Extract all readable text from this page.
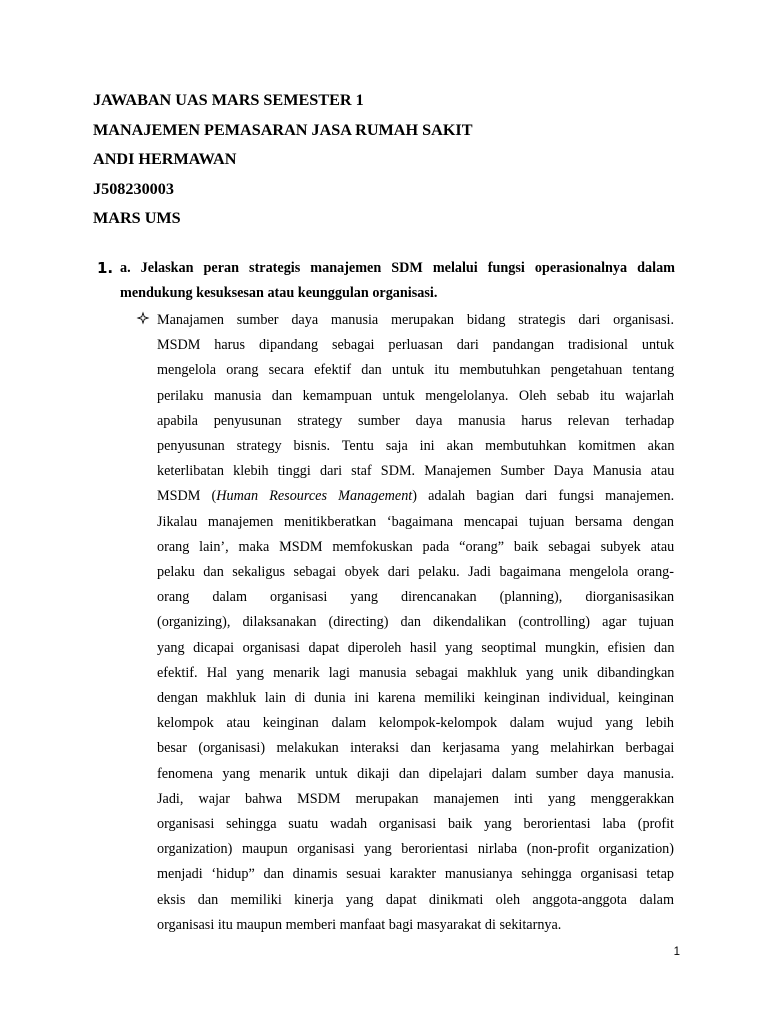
JAWABAN UAS MARS SEMESTER 1
MANAJEMEN PEMASARAN JASA RUMAH SAKIT
ANDI HERMAWAN
J508230003
MARS UMS
1. a. Jelaskan peran strategis manajemen SDM melalui fungsi operasionalnya dalam mendukung kesuksesan atau keunggulan organisasi.
Manajamen sumber daya manusia merupakan bidang strategis dari organisasi.
MSDM harus dipandang sebagai perluasan dari pandangan tradisional untuk
mengelola orang secara efektif dan untuk itu membutuhkan pengetahuan tentang
perilaku manusia dan kemampuan untuk mengelolanya. Oleh sebab itu wajarlah
apabila penyusunan strategy sumber daya manusia harus relevan terhadap
penyusunan strategy bisnis. Tentu saja ini akan membutuhkan komitmen akan
keterlibatan klebih tinggi dari staf SDM. Manajemen Sumber Daya Manusia atau
MSDM (Human Resources Management) adalah bagian dari fungsi manajemen.
Jikalau manajemen menitikberatkan ‘bagaimana mencapai tujuan bersama dengan
orang lain’, maka MSDM memfokuskan pada “orang” baik sebagai subyek atau
pelaku dan sekaligus sebagai obyek dari pelaku. Jadi bagaimana mengelola orang-
orang dalam organisasi yang direncanakan (planning), diorganisasikan
(organizing), dilaksanakan (directing) dan dikendalikan (controlling) agar tujuan
yang dicapai organisasi dapat diperoleh hasil yang seoptimal mungkin, efisien dan
efektif. Hal yang menarik lagi manusia sebagai makhluk yang unik dibandingkan
dengan makhluk lain di dunia ini karena memiliki keinginan individual, keinginan
kelompok atau keinginan dalam kelompok-kelompok dalam wujud yang lebih
besar (organisasi) melakukan interaksi dan kerjasama yang melahirkan berbagai
fenomena yang menarik untuk dikaji dan dipelajari dalam sumber daya manusia.
Jadi, wajar bahwa MSDM merupakan manajemen inti yang menggerakkan
organisasi sehingga suatu wadah organisasi baik yang berorientasi laba (profit
organization) maupun organisasi yang berorientasi nirlaba (non-profit organization)
menjadi ‘hidup” dan dinamis sesuai karakter manusianya sehingga organisasi tetap
eksis dan memiliki kinerja yang dapat dinikmati oleh anggota-anggota dalam
organisasi itu maupun memberi manfaat bagi masyarakat di sekitarnya.
1
